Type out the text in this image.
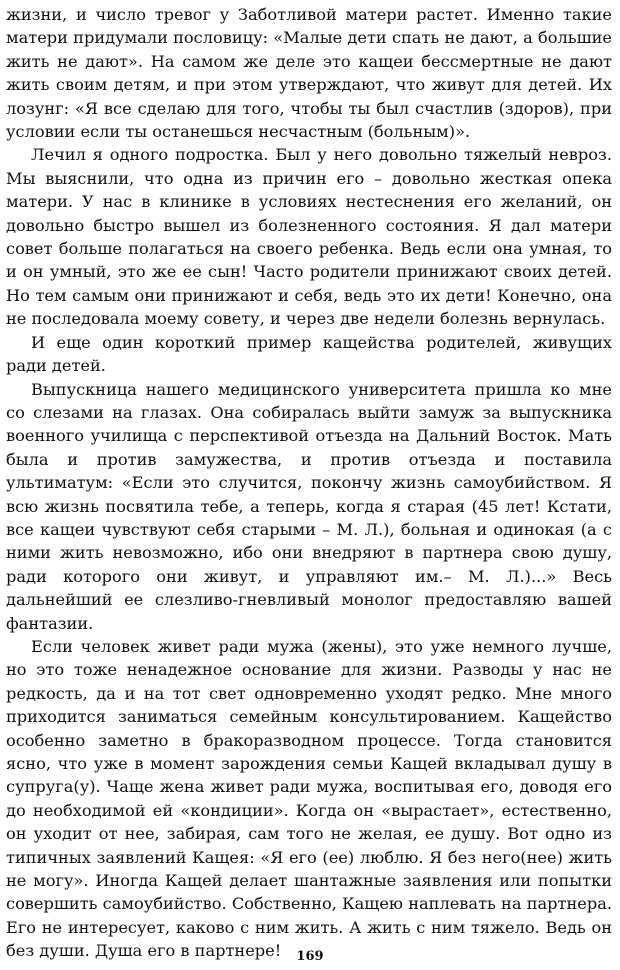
жизни, и число тревог у Заботливой матери растет. Именно такие матери придумали пословицу: «Малые дети спать не дают, а большие жить не дают». На самом же деле это кащеи бессмертные не дают жить своим детям, и при этом утверждают, что живут для детей. Их лозунг: «Я все сделаю для того, чтобы ты был счастлив (здоров), при условии если ты останешься несчастным (больным)».

Лечил я одного подростка. Был у него довольно тяжелый невроз. Мы выяснили, что одна из причин его – довольно жесткая опека матери. У нас в клинике в условиях нестеснения его желаний, он довольно быстро вышел из болезненного состояния. Я дал матери совет больше полагаться на своего ребенка. Ведь если она умная, то и он умный, это же ее сын! Часто родители принижают своих детей. Но тем самым они принижают и себя, ведь это их дети! Конечно, она не последовала моему совету, и через две недели болезнь вернулась.

И еще один короткий пример кащейства родителей, живущих ради детей.

Выпускница нашего медицинского университета пришла ко мне со слезами на глазах. Она собиралась выйти замуж за выпускника военного училища с перспективой отъезда на Дальний Восток. Мать была и против замужества, и против отъезда и поставила ультиматум: «Если это случится, покончу жизнь самоубийством. Я всю жизнь посвятила тебе, а теперь, когда я старая (45 лет! Кстати, все кащеи чувствуют себя старыми – М. Л.), больная и одинокая (а с ними жить невозможно, ибо они внедряют в партнера свою душу, ради которого они живут, и управляют им.– М. Л.)...» Весь дальнейший ее слезливо-гневливый монолог предоставляю вашей фантазии.

Если человек живет ради мужа (жены), это уже немного лучше, но это тоже ненадежное основание для жизни. Разводы у нас не редкость, да и на тот свет одновременно уходят редко. Мне много приходится заниматься семейным консультированием. Кащейство особенно заметно в бракоразводном процессе. Тогда становится ясно, что уже в момент зарождения семьи Кащей вкладывал душу в супруга(у). Чаще жена живет ради мужа, воспитывая его, доводя его до необходимой ей «кондиции». Когда он «вырастает», естественно, он уходит от нее, забирая, сам того не желая, ее душу. Вот одно из типичных заявлений Кащея: «Я его (ее) люблю. Я без него(нее) жить не могу». Иногда Кащей делает шантажные заявления или попытки совершить самоубийство. Собственно, Кащею наплевать на партнера. Его не интересует, каково с ним жить. А жить с ним тяжело. Ведь он без души. Душа его в партнере!	169
